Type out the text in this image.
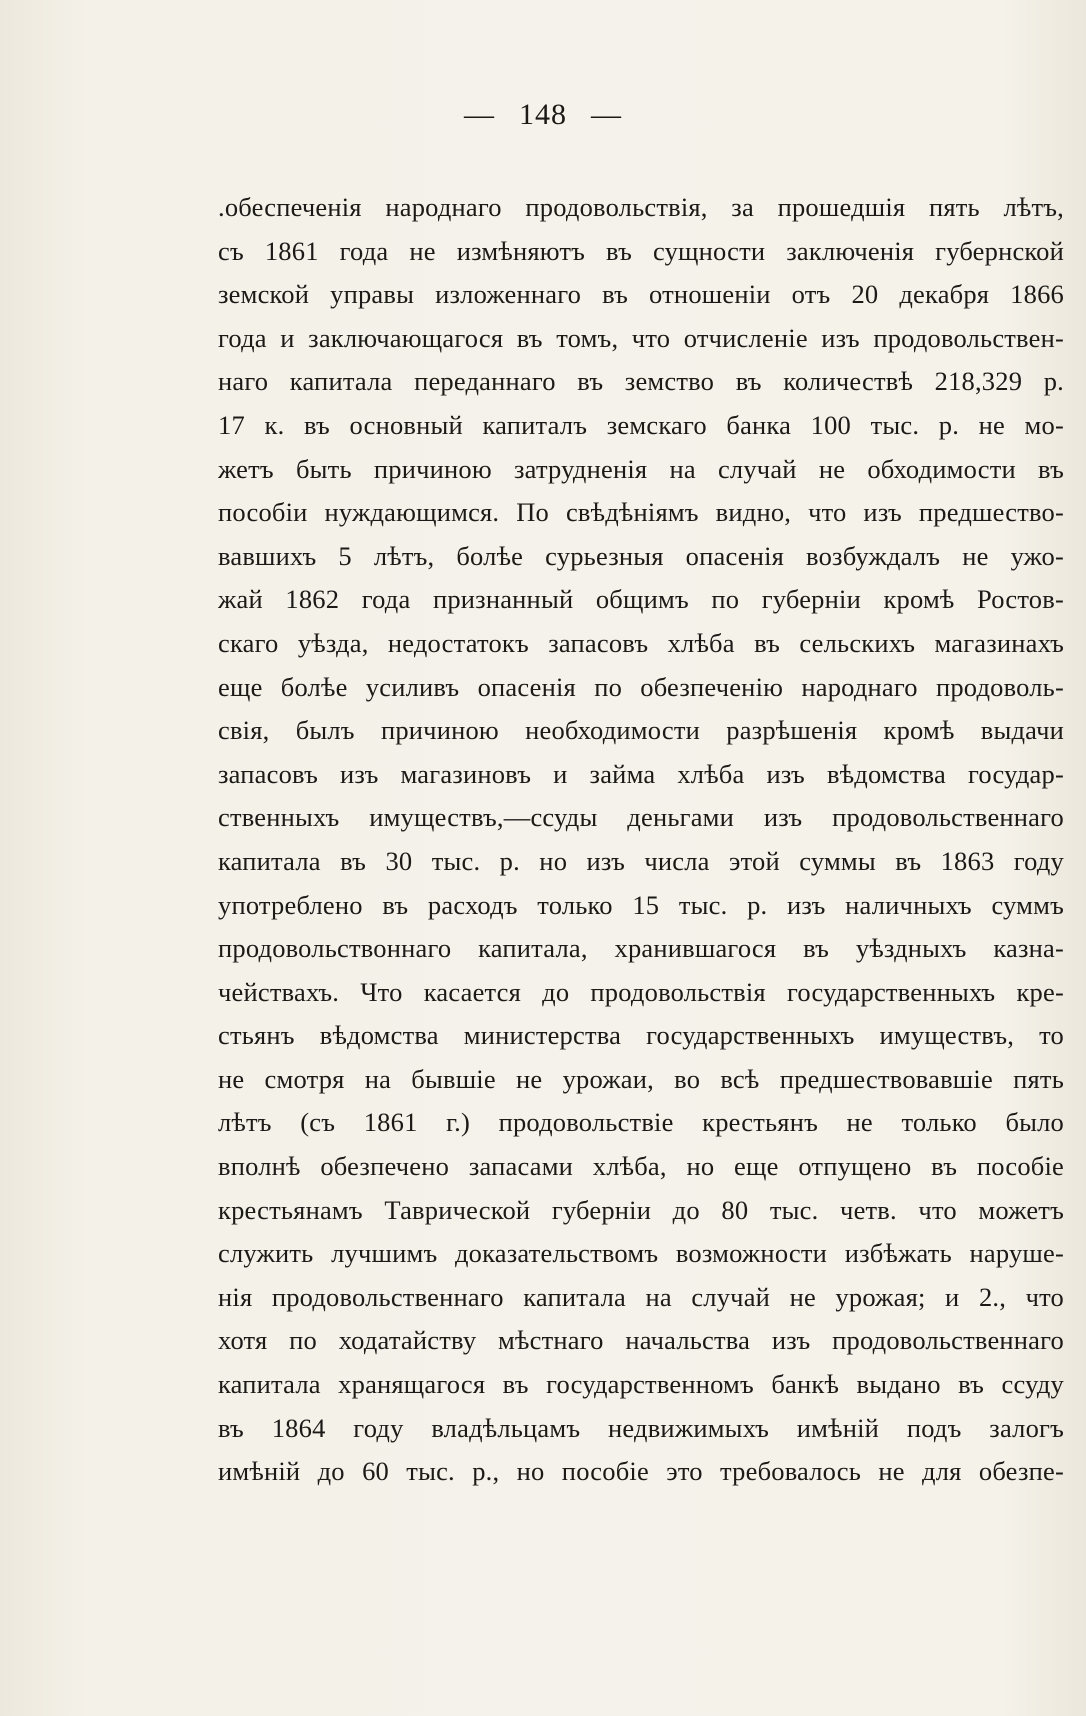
— 148 —
.обеспеченія народнаго продовольствія, за прошедшія пять лѣтъ,
съ 1861 года не измѣняютъ въ сущности заключенія губернской
земской управы изложеннаго въ отношеніи отъ 20 декабря 1866
года и заключающагося въ томъ, что отчисленіе изъ продовольствен-
наго капитала переданнаго въ земство въ количествѣ 218,329 р.
17 к. въ основный капиталъ земскаго банка 100 тыс. р. не мо-
жетъ быть причиною затрудненія на случай не обходимости въ
пособіи нуждающимся. По свѣдѣніямъ видно, что изъ предшество-
вавшихъ 5 лѣтъ, болѣе сурьезныя опасенія возбуждалъ не ужо-
жай 1862 года признанный общимъ по губерніи кромѣ Ростов-
скаго уѣзда, недостатокъ запасовъ хлѣба въ сельскихъ магазинахъ
еще болѣе усиливъ опасенія по обезпеченію народнаго продоволь-
свія, былъ причиною необходимости разрѣшенія кромѣ выдачи
запасовъ изъ магазиновъ и займа хлѣба изъ вѣдомства государ-
ственныхъ имуществъ,—ссуды деньгами изъ продовольственнаго
капитала въ 30 тыс. р. но изъ числа этой суммы въ 1863 году
употреблено въ расходъ только 15 тыс. р. изъ наличныхъ суммъ
продовольствоннаго капитала, хранившагося въ уѣздныхъ казна-
чействахъ. Что касается до продовольствія государственныхъ кре-
стьянъ вѣдомства министерства государственныхъ имуществъ, то
не смотря на бывшіе не урожаи, во всѣ предшествовавшіе пять
лѣтъ (съ 1861 г.) продовольствіе крестьянъ не только было
вполнѣ обезпечено запасами хлѣба, но еще отпущено въ пособіе
крестьянамъ Таврической губерніи до 80 тыс. четв. что можетъ
служить лучшимъ доказательствомъ возможности избѣжать наруше-
нія продовольственнаго капитала на случай не урожая; и 2., что
хотя по ходатайству мѣстнаго начальства изъ продовольственнаго
капитала хранящагося въ государственномъ банкѣ выдано въ ссуду
въ 1864 году владѣльцамъ недвижимыхъ имѣній подъ залогъ
имѣній до 60 тыс. р., но пособіе это требовалось не для обезпе-
